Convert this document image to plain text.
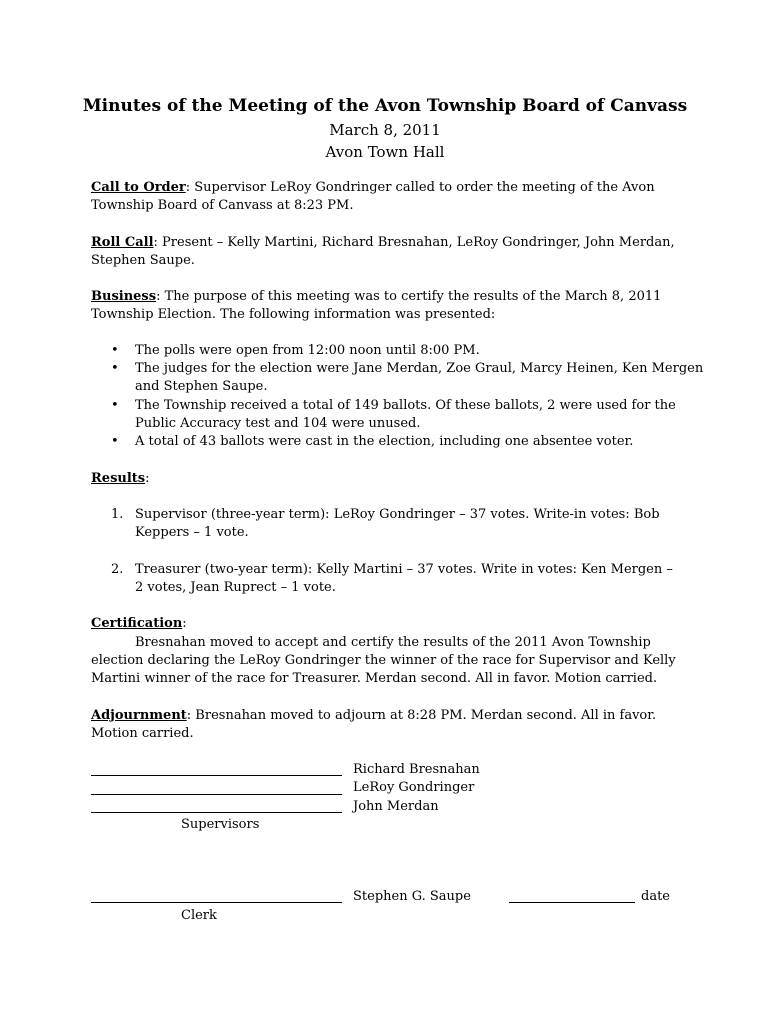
Minutes of the Meeting of the Avon Township Board of Canvass
March 8, 2011
Avon Town Hall
Call to Order: Supervisor LeRoy Gondringer called to order the meeting of the Avon
Township Board of Canvass at 8:23 PM.
Roll Call: Present – Kelly Martini, Richard Bresnahan, LeRoy Gondringer, John Merdan,
Stephen Saupe.
Business: The purpose of this meeting was to certify the results of the March 8, 2011
Township Election. The following information was presented:
• The polls were open from 12:00 noon until 8:00 PM.
• The judges for the election were Jane Merdan, Zoe Graul, Marcy Heinen, Ken Mergen
and Stephen Saupe.
• The Township received a total of 149 ballots. Of these ballots, 2 were used for the
Public Accuracy test and 104 were unused.
• A total of 43 ballots were cast in the election, including one absentee voter.
Results:
1. Supervisor (three-year term): LeRoy Gondringer – 37 votes. Write-in votes: Bob
Keppers – 1 vote.
2. Treasurer (two-year term): Kelly Martini – 37 votes. Write in votes: Ken Mergen –
2 votes, Jean Ruprect – 1 vote.
Certification:
Bresnahan moved to accept and certify the results of the 2011 Avon Township
election declaring the LeRoy Gondringer the winner of the race for Supervisor and Kelly
Martini winner of the race for Treasurer. Merdan second. All in favor. Motion carried.
Adjournment: Bresnahan moved to adjourn at 8:28 PM. Merdan second. All in favor.
Motion carried.
Richard Bresnahan
LeRoy Gondringer
John Merdan
Supervisors
Stephen G. Saupe	date
Clerk
